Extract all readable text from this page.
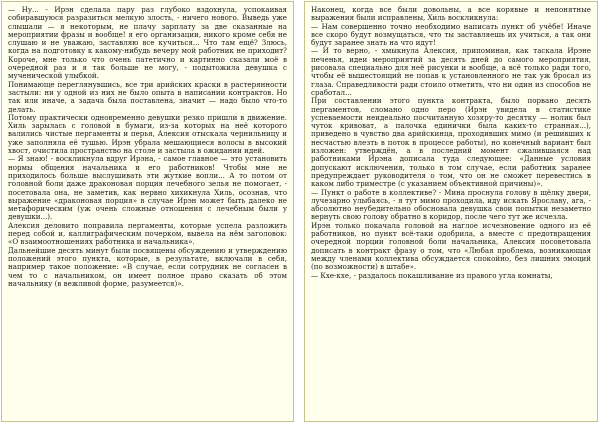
— Ну... - Ирэн сделала пару раз глубоко вздохнула, успокаивая собиравшуюся разразиться мелкую злость, - ничего нового. Выведь уже слышали — я некоторым, не плачу зарплату за две сказанные на мероприятии фразы и вообще! я его организации, никого кроме себя не слушаю и не уважаю, заставляю все кучиться... Что там ещё? Злюсь, когда на подготовку к какому-нибудь вечеру мой работник не приходит? Короче, мне только что очень патетично и картинно сказали моё в очередной раз и я так больше не могу, - подытожила девушка с мученической улыбкой.

Понимающе переглянувшись, все три арийских краски в растерянности застыли: ни у одной из них не было опыта в написании контрактов. Но так или иначе, а задача была поставлена, значит — надо было что-то делать.

Потому практически одновременно девушки резко пришли в движение. Хиль зарылась с головой в бумаги, из-за которых на неё которого валились чистые пергаменты и перья, Алексия отыскала чернильницу и уже заполняла её тушью. Ирэн убрала мешающиеся волосы в высокий хвост, очистила пространство на столе и застыла в ожидании идей.

— Я знаю! - воскликнула вдруг Ирэна, - самое главное — это установить нормы общения начальника и его работников! Чтобы мне не приходилось больше выслушивать эти жуткие вопли... А то потом от головной боли даже драконовая порция лечебного зелья не помогает, - посетовала она, не заметив, как нервно хихикнула Хиль, осознав, что выражение «драконовая порция» в случае Ирэн может быть далеко не метафорическим (уж очень сложные отношения с лечебным были у девушки...).

Алексия деловито поправила пергаменты, которые успела разложить перед собой и, каллиграфическим почерком, вывела на нём заголовок: «О взаимоотношениях работника и начальника».

Дальнейшие десять минут были посвящены обсуждению и утверждению положений этого пункта, которые, в результате, включали в себя, например такое положение: «В случае, если сотрудник не согласен в чем то с начальником, он имеет полное право сказать об этом начальнику (в вежливой форме, разумеется)».

Наконец, когда все были довольны, а все корявые и непонятные выражения были исправлены, Хиль воскликнула:

— Нам совершенно точно необходимо написать пункт об учёбе! Иначе все скоро будут возмущаться, что ты заставляешь их учиться, а так они будут заранее знать на что идут!

— И то верно, - хмыкнула Алексия, припоминая, как таскала Ирэне печенья, идеи мероприятий за десять дней до самого мероприятия, рисовала специально для неё рисунки и вообще, а всё только ради того, чтобы её вышестоящий не попав к установленного не так уж бросал из глаза. Справедливости ради стоило отметить, что ни один из способов не сработал...

При составлении этого пункта контракта, было порвано десять пергаментов, сломано одно перо (Ирэн увидела в статистике успеваемости неидеально посчитанную хозяру-то десятку — нолик был чуток кривоват, а палочка единички была каких-то странная...), приведено в чувство два арийскинца, проходивших мимо (и решивших к несчастью влезть в поток в процессе работы), но конечный вариант был изложен: утверждён, а в последний момент сжалившаяся над работниками Ирэна дописала туда следующее: «Данные условия допускают исключения, только в том случае, если работник заранее предупреждает руководителя о том, что он не сможет перевестись в каком либо триместре (с указанием объективной причины)».

— Пункт о работе в коллективе? - Мина проснула голову в щёлку двери, лучезарно улыбаясь, - я тут мимо проходила, иду искать Ярославу, ага, - абсолютно неубедительно обосновала девушка свои попытки незаметно вернуть свою голову обратно в коридор, после чего тут же исчезла.

Ирэн только покачала головой на наглое исчезновение одного из её работников, но пункт всё-таки одобрила, а вместе с предотвращения очередной порции головной боли начальника, Алексия посоветовала дописать в контракт фразу о том, что «Любая проблема, возникающая между членами коллектива обсуждается спокойно, без лишних эмоций (по возможности) в штабе».

— Кхе-кхе, - раздалось покашливание из правого угла комнаты,
